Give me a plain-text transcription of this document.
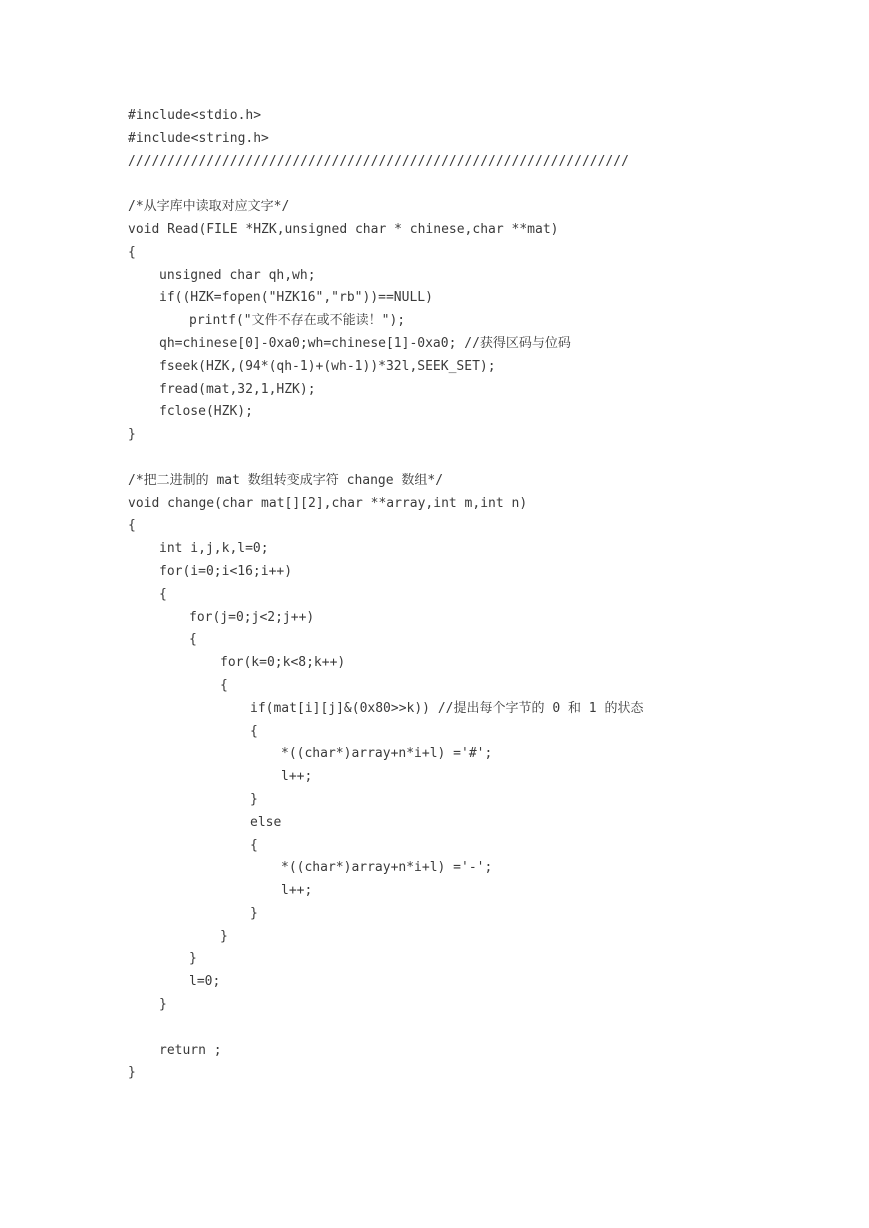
#include<stdio.h>
#include<string.h>
////////////////////////////////////////////////////////////////
/*从字库中读取对应文字*/
void Read(FILE *HZK,unsigned char * chinese,char **mat)
{
unsigned char qh,wh;
if((HZK=fopen("HZK16","rb"))==NULL)
printf("文件不存在或不能读！");
qh=chinese[0]-0xa0;wh=chinese[1]-0xa0; //获得区码与位码
fseek(HZK,(94*(qh-1)+(wh-1))*32l,SEEK_SET);
fread(mat,32,1,HZK);
fclose(HZK);
}
/*把二进制的 mat 数组转变成字符 change 数组*/
void change(char mat[][2],char **array,int m,int n)
{
int i,j,k,l=0;
for(i=0;i<16;i++)
{
for(j=0;j<2;j++)
{
for(k=0;k<8;k++)
{
if(mat[i][j]&(0x80>>k)) //提出每个字节的 0 和 1 的状态
{
*((char*)array+n*i+l) ='#';
l++;
}
else
{
*((char*)array+n*i+l) ='-';
l++;
}
}
}
l=0;
}
return ;
}
